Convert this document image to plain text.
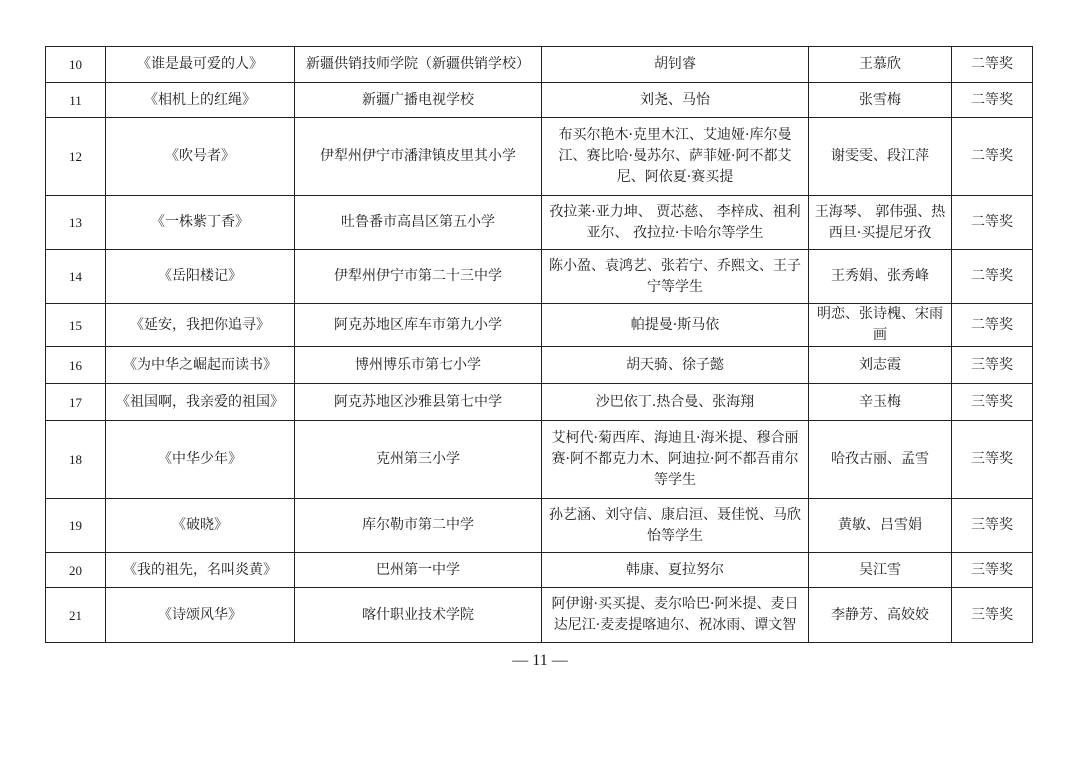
10	《谁是最可爱的人》	新疆供销技师学院（新疆供销学校）	胡钊睿	王慕欣	二等奖
11	《相机上的红绳》	新疆广播电视学校	刘尧、马怡	张雪梅	二等奖
12	《吹号者》	伊犁州伊宁市潘津镇皮里其小学	布买尔艳木·克里木江、艾迪娅·库尔曼江、赛比哈·曼苏尔、萨菲娅·阿不都艾尼、阿依夏·赛买提	谢雯雯、段江萍	二等奖
13	《一株紫丁香》	吐鲁番市高昌区第五小学	孜拉莱·亚力坤、 贾芯慈、 李梓成、祖利亚尔、 孜拉拉·卡哈尔等学生	王海琴、 郭伟强、热西旦·买提尼牙孜	二等奖
14	《岳阳楼记》	伊犁州伊宁市第二十三中学	陈小盈、袁鸿艺、张若宁、乔熙文、王子宁等学生	王秀娟、张秀峰	二等奖
15	《延安，我把你追寻》	阿克苏地区库车市第九小学	帕提曼·斯马依	明恋、张诗槐、宋雨画	二等奖
16	《为中华之崛起而读书》	博州博乐市第七小学	胡天骑、徐子懿	刘志霞	三等奖
17	《祖国啊，我亲爱的祖国》	阿克苏地区沙雅县第七中学	沙巴依丁.热合曼、张海翔	辛玉梅	三等奖
18	《中华少年》	克州第三小学	艾柯代·菊西库、海迪且·海米提、穆合丽赛·阿不都克力木、阿迪拉·阿不都吾甫尔等学生	哈孜古丽、孟雪	三等奖
19	《破晓》	库尔勒市第二中学	孙艺涵、刘守信、康启洹、聂佳悦、马欣怡等学生	黄敏、吕雪娟	三等奖
20	《我的祖先，名叫炎黄》	巴州第一中学	韩康、夏拉努尔	吴江雪	三等奖
21	《诗颂风华》	喀什职业技术学院	阿伊谢·买买提、麦尔哈巴·阿米提、麦日达尼江·麦麦提喀迪尔、祝冰雨、谭文智	李静芳、高姣姣	三等奖
— 11 —
